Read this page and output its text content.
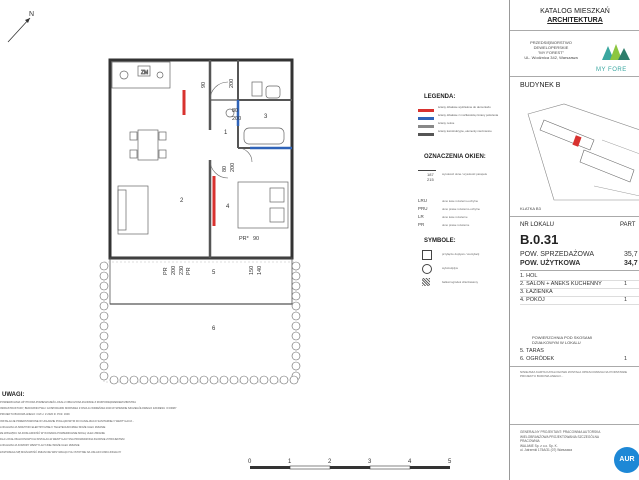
N
ZM
90	200
80
200
80 200
PR* 90
PR 200 230 PR	150 140
1
2
3
4
5
6
0	1	2	3	4	5
LEGENDA:
ściany działowe wydzielone do demontażu
ściany działowe z możliwością zmiany położenia
ściany nośne
ściany konstrukcyjne, elementy niezmienne
OZNACZENIA OKIEN:
187
215
wysokość okna / wysokość parapetu
LRU	okno lewe rozwierno-uchylne
PRU	okno prawe rozwierno-uchylne
LR	okno lewe rozwierne
PR	okno prawe rozwierne
SYMBOLE:
przyłącze dopływu / wentylacji
wylot/odpływ
balkon/ogródek dzierżawiony
UWAGI:
POWIERZCHNIA UŻYTKOWA POMIESZCZEŃ LOKALU OBLICZONA ZGODNIE Z ROZPORZĄDZENIEM MINISTRA
INFRASTRUKTURY, BUDOWNICTWA I GOSPODARKI MORSKIEJ Z DNIA 11 WRZEŚNIA 2020 W SPRAWIE SZCZEGÓŁOWEGO ZAKRESU I FORMY
PROJEKTU BUDOWLANEGO / DZ.U. Z 2020 R. POZ. 1609
INSTALACJE PRZEDSTAWIONE W UKŁADZIE POGLĄDOWYM DO KANALIZACJI SANITARNEJ I WENTYLACJI...
LOKALIZACJA SKRZYNKI ELEKTRYCZNEJ I TELETECHNICZNEJ MOŻE ULEC ZMIANIE
ZE WZGLĘDU NA DOKŁADNOŚĆ WYKONANIA POWIERZCHNIE MOGĄ ULEC ZMIANIE
DLA LOKALI BALKONOWYCH INSTALACJA WENTYLACYJNA PROWADZONA ZGODNIE Z PROJEKTEM
LOKALIZACJA KOMORY WENTYLACYJNEJ MOŻE ULEC ZMIANIE
ZASTRZEGA SIĘ MOŻLIWOŚĆ ZMIAN NIE WPŁYWAJĄCYCH ISTOTNIE NA UKŁAD FUNKCJONALNY
KATALOG MIESZKAŃ
ARCHITEKTURA
PRZEDSIĘBIORSTWO
DEWELOPERSKIE
"MY FOREST"
UL. Wodźnica 342, Warszawa
MY FORE
BUDYNEK B
KLATKA B3
NR LOKALU	PART
B.0.31
POW. SPRZEDAŻOWA	35,7
POW. UŻYTKOWA	34,7
1. HOL
2. SALON + ANEKS KUCHENNY	1
3. ŁAZIENKA
4. POKÓJ	1
POWIERZCHNIA POD SKOSAMI
DZIAŁKOWYM W LOKALU
5. TARAS
6. OGRÓDEK	1
NINIEJSZA KARTA KATALOGOWA ZOSTAŁA OPRACOWANA NA PODSTAWIE PROJEKTU BUDOWLANEGO...
GENERALNY PROJEKTANT: PRACOWNIA AUTORSKA
WIELOBRANŻOWA PROJEKTOWANIA SZCZEGÓLNA PRACOWNIA
WALAME Sp. z o.o. Sp. K.
ul. Jutrzenki 175A/31 (07) Warszawa
AUR
